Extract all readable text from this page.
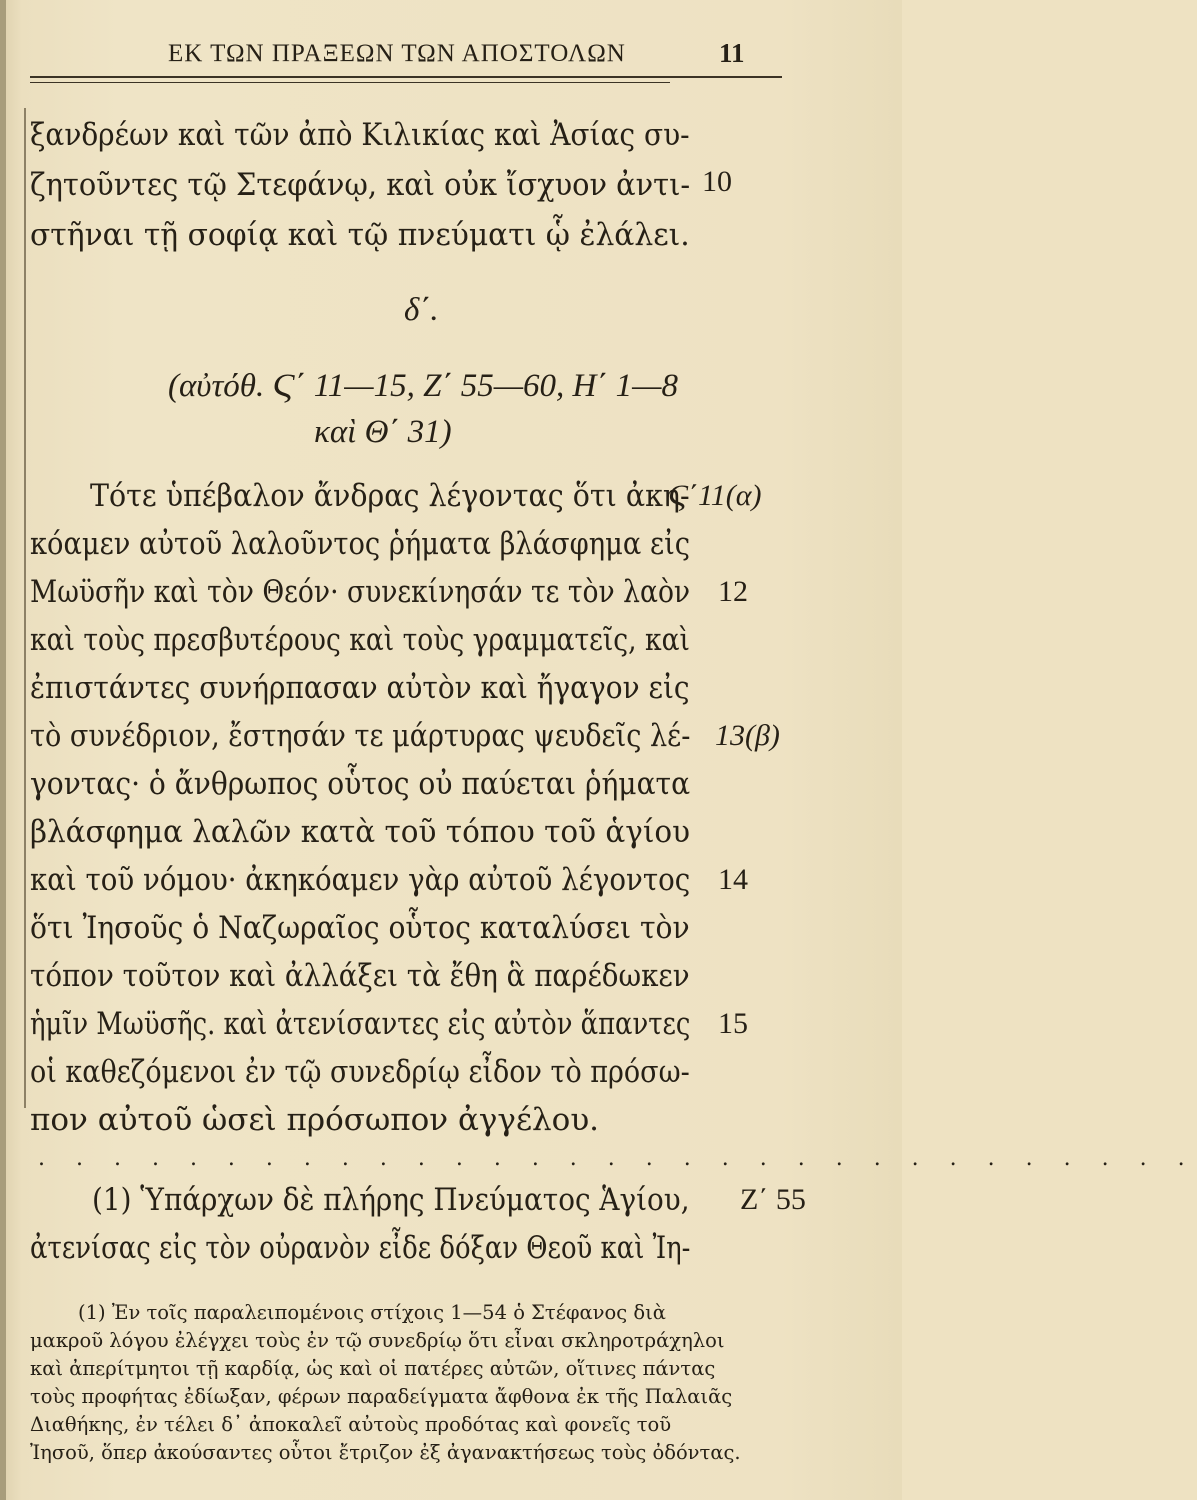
ΕΚ ΤΩΝ ΠΡΑΞΕΩΝ ΤΩΝ ΑΠΟΣΤΟΛΩΝ	11
ξανδρέων καὶ τῶν ἀπὸ Κιλικίας καὶ Ἀσίας συ-
ζητοῦντες τῷ Στεφάνῳ, καὶ οὐκ ἴσχυον ἀντι-
στῆναι τῇ σοφίᾳ καὶ τῷ πνεύματι ᾧ ἐλάλει.
10
δ΄.
(αὐτόθ. Ϛ΄ 11—15, Ζ΄ 55—60, Η΄ 1—8
καὶ Θ΄ 31)
Τότε ὑπέβαλον ἄνδρας λέγοντας ὅτι ἀκη-
κόαμεν αὐτοῦ λαλοῦντος ῥήματα βλάσφημα εἰς
Μωϋσῆν καὶ τὸν Θεόν· συνεκίνησάν τε τὸν λαὸν
καὶ τοὺς πρεσβυτέρους καὶ τοὺς γραμματεῖς, καὶ
ἐπιστάντες συνήρπασαν αὐτὸν καὶ ἤγαγον εἰς
τὸ συνέδριον, ἔστησάν τε μάρτυρας ψευδεῖς λέ-
γοντας· ὁ ἄνθρωπος οὗτος οὐ παύεται ῥήματα
βλάσφημα λαλῶν κατὰ τοῦ τόπου τοῦ ἁγίου
καὶ τοῦ νόμου· ἀκηκόαμεν γὰρ αὐτοῦ λέγοντος
ὅτι Ἰησοῦς ὁ Ναζωραῖος οὗτος καταλύσει τὸν
τόπον τοῦτον καὶ ἀλλάξει τὰ ἔθη ἃ παρέδωκεν
ἡμῖν Μωϋσῆς. καὶ ἀτενίσαντες εἰς αὐτὸν ἅπαντες
οἱ καθεζόμενοι ἐν τῷ συνεδρίῳ εἶδον τὸ πρόσω-
πον αὐτοῦ ὡσεὶ πρόσωπον ἀγγέλου.
Ϛ΄11(α)
12
13(β)
14
15
. . . . . . . . . . . . . . . . . . . . . . . . . . . . . . .
(1) Ὑπάρχων δὲ πλήρης Πνεύματος Ἁγίου,
ἀτενίσας εἰς τὸν οὐρανὸν εἶδε δόξαν Θεοῦ καὶ Ἰη-
Ζ΄ 55
(1) Ἐν τοῖς παραλειπομένοις στίχοις 1—54 ὁ Στέφανος διὰ
μακροῦ λόγου ἐλέγχει τοὺς ἐν τῷ συνεδρίῳ ὅτι εἶναι σκληροτράχηλοι
καὶ ἀπερίτμητοι τῇ καρδίᾳ, ὡς καὶ οἱ πατέρες αὐτῶν, οἵτινες πάντας
τοὺς προφήτας ἐδίωξαν, φέρων παραδείγματα ἄφθονα ἐκ τῆς Παλαιᾶς
Διαθήκης, ἐν τέλει δ᾽ ἀποκαλεῖ αὐτοὺς προδότας καὶ φονεῖς τοῦ
Ἰησοῦ, ὅπερ ἀκούσαντες οὗτοι ἔτριζον ἐξ ἀγανακτήσεως τοὺς ὀδόντας.
